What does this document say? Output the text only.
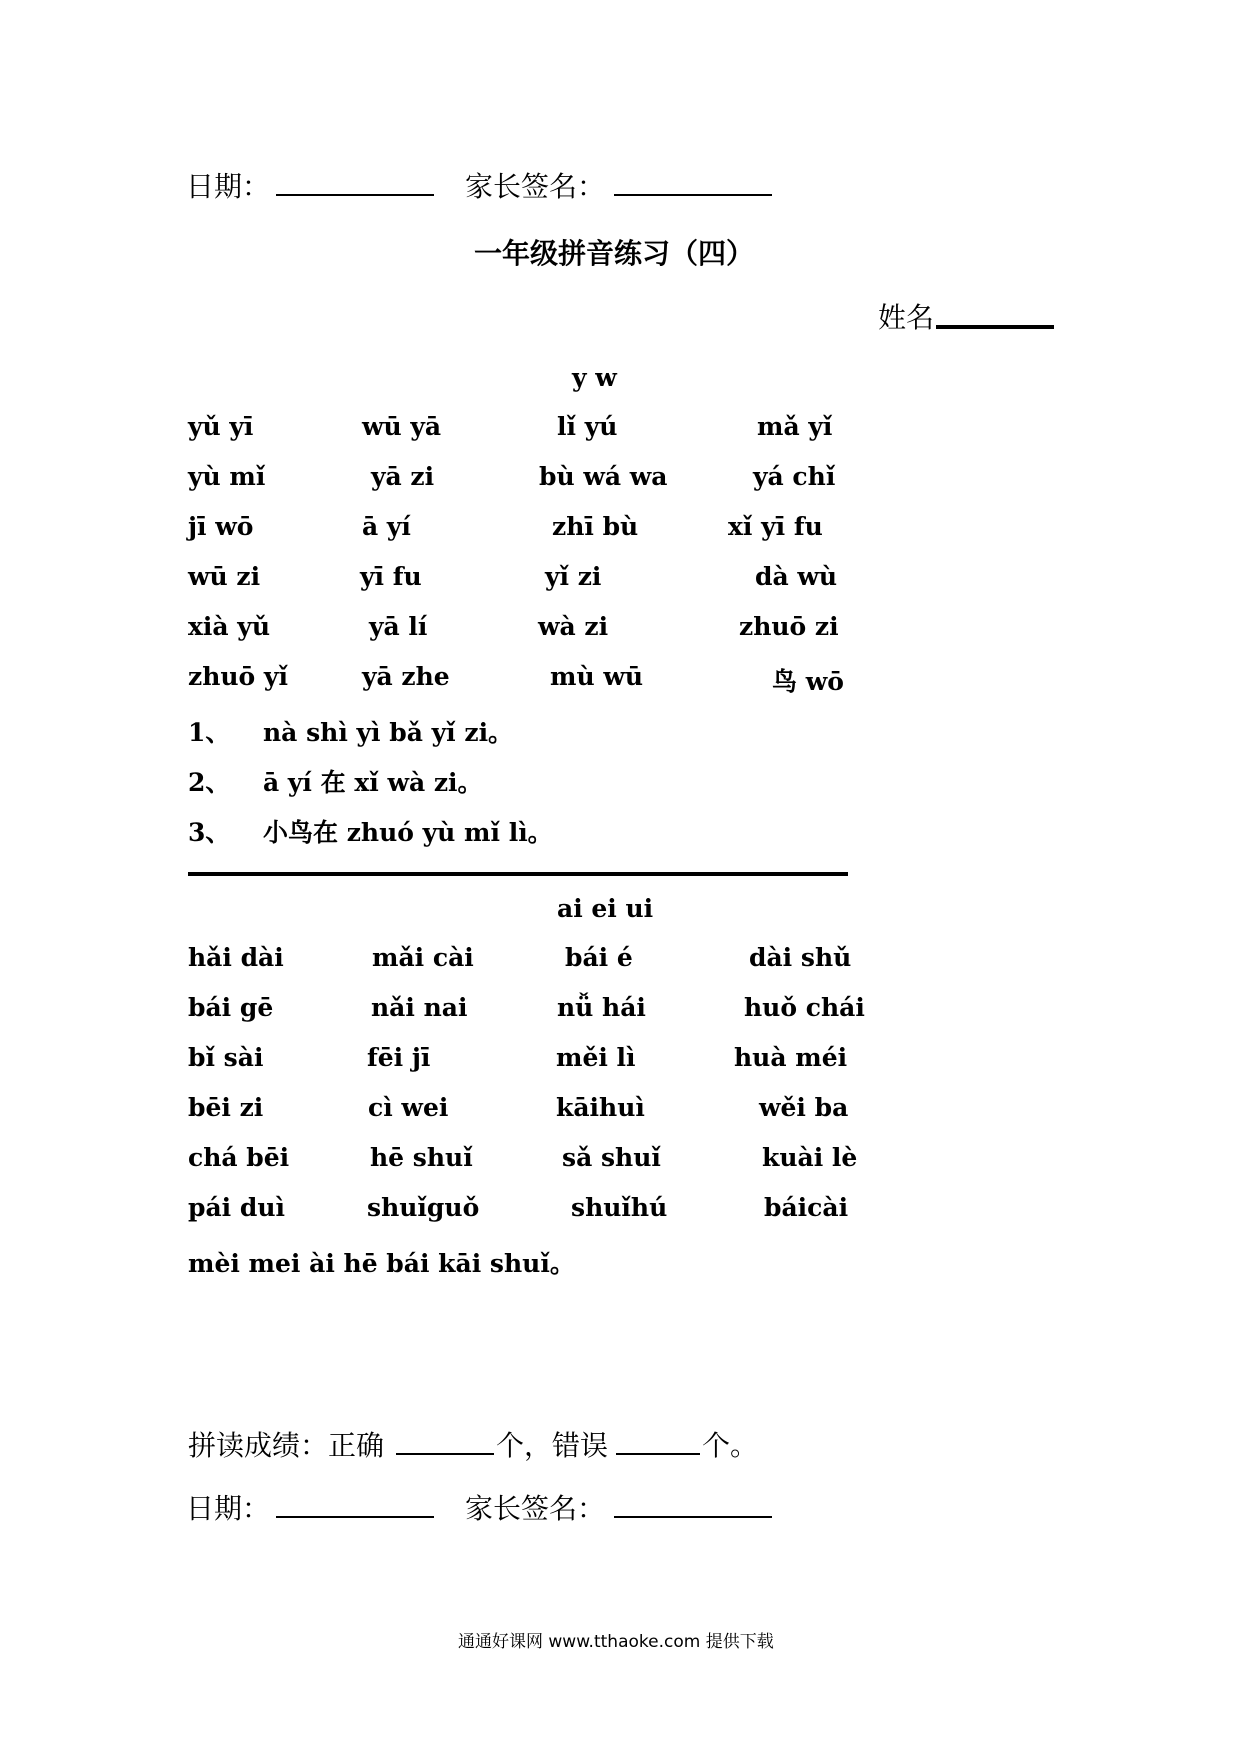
日期：	家长签名：
一年级拼音练习（四）
姓名
y w
yǔ yī	wū yā	lǐ yú	mǎ yǐ
yù mǐ	yā zi	bù wá wa	yá chǐ
jī wō	ā yí	zhī bù	xǐ yī fu
wū zi	yī fu	yǐ zi	dà wù
xià yǔ	yā lí	wà zi	zhuō zi
zhuō yǐ	yā zhe	mù wū	鸟 wō
1、 nà shì yì bǎ yǐ zi。
2、 ā yí 在 xǐ wà zi。
3、 小鸟在 zhuó yù mǐ lì。
ai ei ui
hǎi dài	mǎi cài	bái é	dài shǔ
bái gē	nǎi nai	nǚ hái	huǒ chái
bǐ sài	fēi jī	měi lì	huà méi
bēi zi	cì wei	kāihuì	wěi ba
chá bēi	hē shuǐ	sǎ shuǐ	kuài lè
pái duì	shuǐguǒ	shuǐhú	báicài
mèi mei ài hē bái kāi shuǐ。
拼读成绩：正确	个，错误	个。
日期：	家长签名：
通通好课网 www.tthaoke.com 提供下载
